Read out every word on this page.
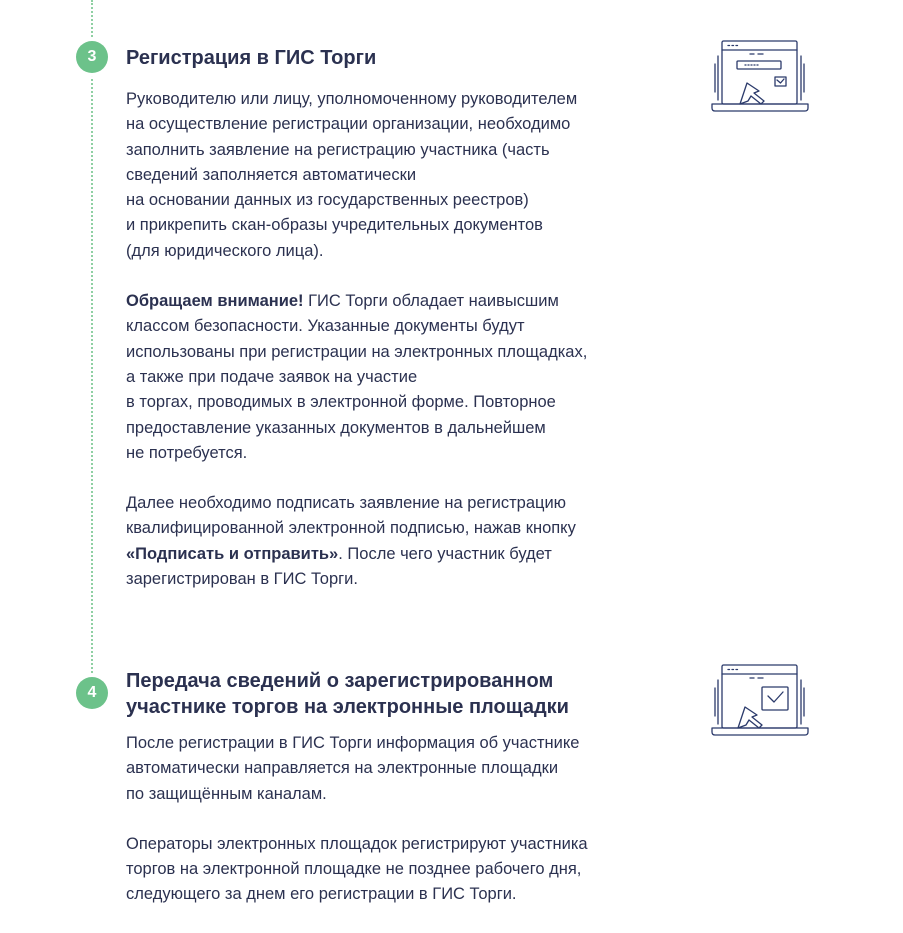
3	Регистрация в ГИС Торги

Руководителю или лицу, уполномоченному руководителем
на осуществление регистрации организации, необходимо
заполнить заявление на регистрацию участника (часть
сведений заполняется автоматически
на основании данных из государственных реестров)
и прикрепить скан-образы учредительных документов
(для юридического лица).

Обращаем внимание! ГИС Торги обладает наивысшим
классом безопасности. Указанные документы будут
использованы при регистрации на электронных площадках,
а также при подаче заявок на участие
в торгах, проводимых в электронной форме. Повторное
предоставление указанных документов в дальнейшем
не потребуется.

Далее необходимо подписать заявление на регистрацию
квалифицированной электронной подписью, нажав кнопку
«Подписать и отправить». После чего участник будет
зарегистрирован в ГИС Торги.

4
Передача сведений о зарегистрированном
участнике торгов на электронные площадки

После регистрации в ГИС Торги информация об участнике
автоматически направляется на электронные площадки
по защищённым каналам.

Операторы электронных площадок регистрируют участника
торгов на электронной площадке не позднее рабочего дня,
следующего за днем его регистрации в ГИС Торги.
